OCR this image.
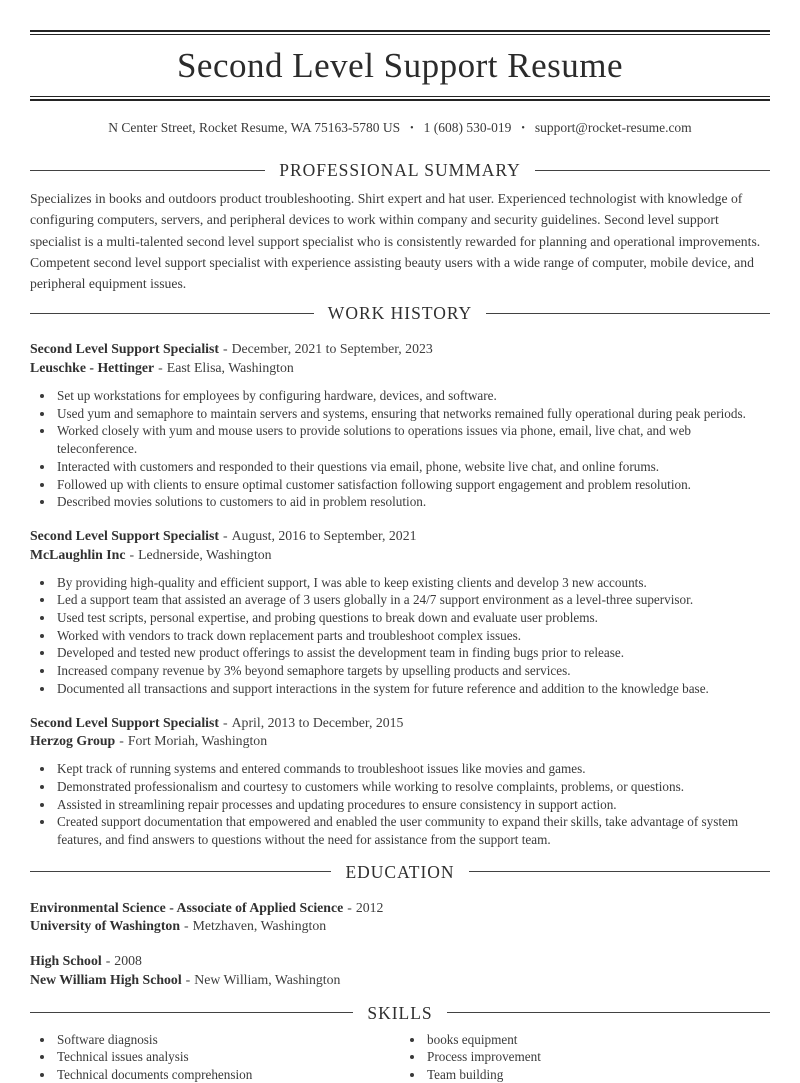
Second Level Support Resume
N Center Street, Rocket Resume, WA 75163-5780 US • 1 (608) 530-019 • support@rocket-resume.com
PROFESSIONAL SUMMARY

Specializes in books and outdoors product troubleshooting. Shirt expert and hat user. Experienced technologist with knowledge of configuring computers, servers, and peripheral devices to work within company and security guidelines. Second level support specialist is a multi-talented second level support specialist who is consistently rewarded for planning and operational improvements. Competent second level support specialist with experience assisting beauty users with a wide range of computer, mobile device, and peripheral equipment issues.

WORK HISTORY
Second Level Support Specialist - December, 2021 to September, 2023
Leuschke - Hettinger - East Elisa, Washington
• Set up workstations for employees by configuring hardware, devices, and software.
• Used yum and semaphore to maintain servers and systems, ensuring that networks remained fully operational during peak periods.
• Worked closely with yum and mouse users to provide solutions to operations issues via phone, email, live chat, and web teleconference.
• Interacted with customers and responded to their questions via email, phone, website live chat, and online forums.
• Followed up with clients to ensure optimal customer satisfaction following support engagement and problem resolution.
• Described movies solutions to customers to aid in problem resolution.
Second Level Support Specialist - August, 2016 to September, 2021
McLaughlin Inc - Lednerside, Washington
• By providing high-quality and efficient support, I was able to keep existing clients and develop 3 new accounts.
• Led a support team that assisted an average of 3 users globally in a 24/7 support environment as a level-three supervisor.
• Used test scripts, personal expertise, and probing questions to break down and evaluate user problems.
• Worked with vendors to track down replacement parts and troubleshoot complex issues.
• Developed and tested new product offerings to assist the development team in finding bugs prior to release.
• Increased company revenue by 3% beyond semaphore targets by upselling products and services.
• Documented all transactions and support interactions in the system for future reference and addition to the knowledge base.
Second Level Support Specialist - April, 2013 to December, 2015
Herzog Group - Fort Moriah, Washington
• Kept track of running systems and entered commands to troubleshoot issues like movies and games.
• Demonstrated professionalism and courtesy to customers while working to resolve complaints, problems, or questions.
• Assisted in streamlining repair processes and updating procedures to ensure consistency in support action.
• Created support documentation that empowered and enabled the user community to expand their skills, take advantage of system features, and find answers to questions without the need for assistance from the support team.
EDUCATION
Environmental Science - Associate of Applied Science - 2012
University of Washington - Metzhaven, Washington
High School - 2008
New William High School - New William, Washington
SKILLS
• Software diagnosis
• Technical issues analysis
• Technical documents comprehension
• books equipment
• Process improvement
• Team building
